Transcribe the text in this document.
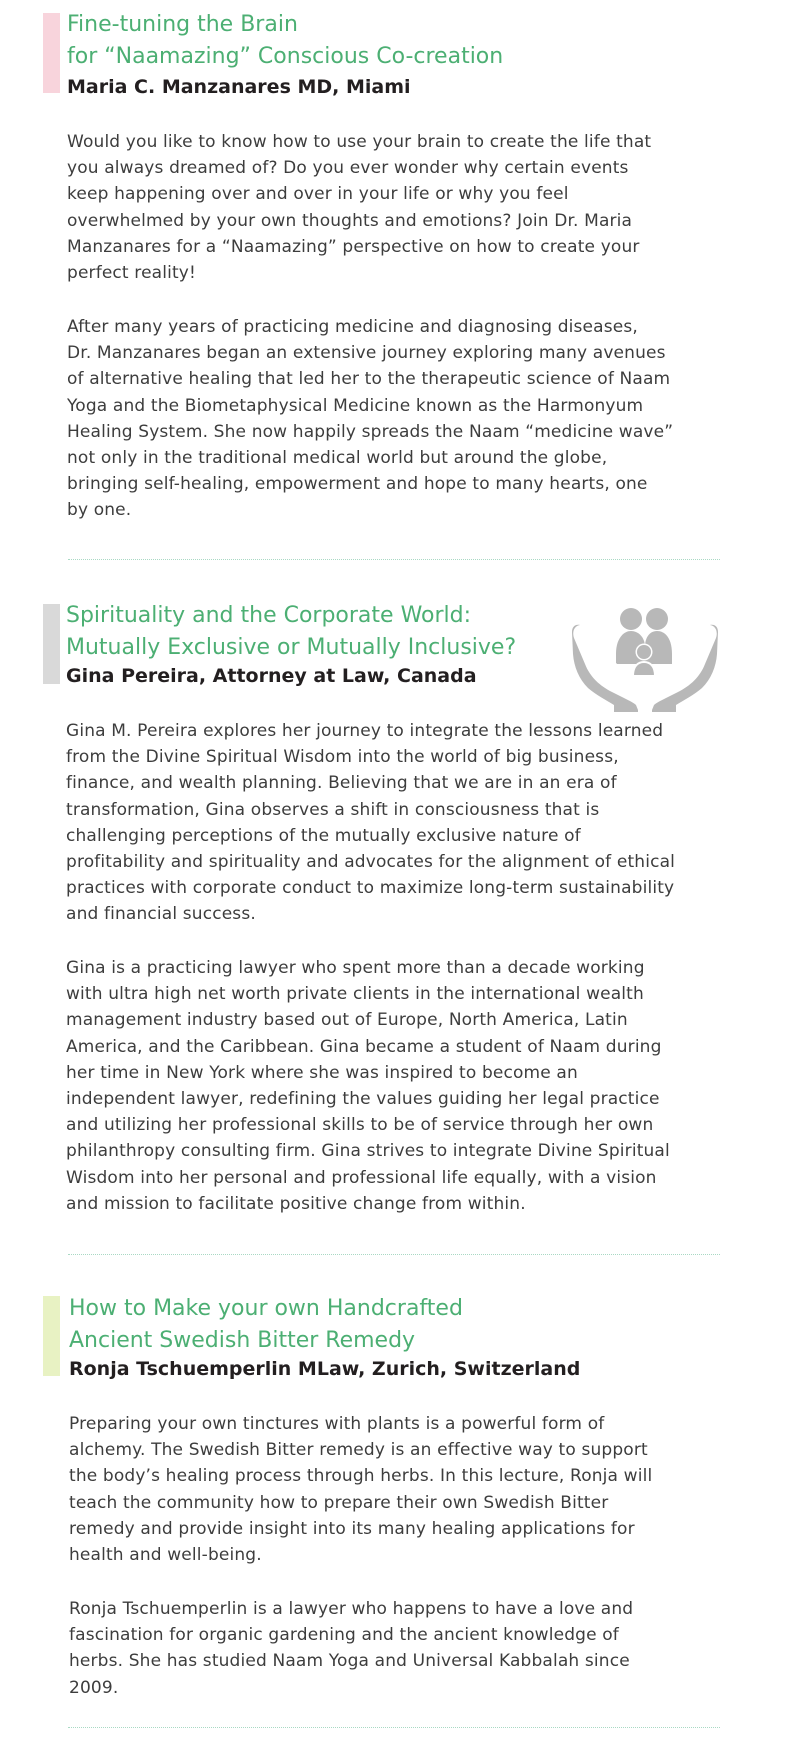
Fine-tuning the Brain
for “Naamazing” Conscious Co-creation
Maria C. Manzanares MD, Miami

Would you like to know how to use your brain to create the life that
you always dreamed of? Do you ever wonder why certain events
keep happening over and over in your life or why you feel
overwhelmed by your own thoughts and emotions? Join Dr. Maria
Manzanares for a “Naamazing” perspective on how to create your
perfect reality!

After many years of practicing medicine and diagnosing diseases,
Dr. Manzanares began an extensive journey exploring many avenues
of alternative healing that led her to the therapeutic science of Naam
Yoga and the Biometaphysical Medicine known as the Harmonyum
Healing System. She now happily spreads the Naam “medicine wave”
not only in the traditional medical world but around the globe,
bringing self-healing, empowerment and hope to many hearts, one
by one.

Spirituality and the Corporate World:
Mutually Exclusive or Mutually Inclusive?
Gina Pereira, Attorney at Law, Canada

Gina M. Pereira explores her journey to integrate the lessons learned
from the Divine Spiritual Wisdom into the world of big business,
finance, and wealth planning. Believing that we are in an era of
transformation, Gina observes a shift in consciousness that is
challenging perceptions of the mutually exclusive nature of
profitability and spirituality and advocates for the alignment of ethical
practices with corporate conduct to maximize long-term sustainability
and financial success.

Gina is a practicing lawyer who spent more than a decade working
with ultra high net worth private clients in the international wealth
management industry based out of Europe, North America, Latin
America, and the Caribbean. Gina became a student of Naam during
her time in New York where she was inspired to become an
independent lawyer, redefining the values guiding her legal practice
and utilizing her professional skills to be of service through her own
philanthropy consulting firm. Gina strives to integrate Divine Spiritual
Wisdom into her personal and professional life equally, with a vision
and mission to facilitate positive change from within.

How to Make your own Handcrafted
Ancient Swedish Bitter Remedy
Ronja Tschuemperlin MLaw, Zurich, Switzerland

Preparing your own tinctures with plants is a powerful form of
alchemy. The Swedish Bitter remedy is an effective way to support
the body’s healing process through herbs. In this lecture, Ronja will
teach the community how to prepare their own Swedish Bitter
remedy and provide insight into its many healing applications for
health and well-being.

Ronja Tschuemperlin is a lawyer who happens to have a love and
fascination for organic gardening and the ancient knowledge of
herbs. She has studied Naam Yoga and Universal Kabbalah since
2009.
